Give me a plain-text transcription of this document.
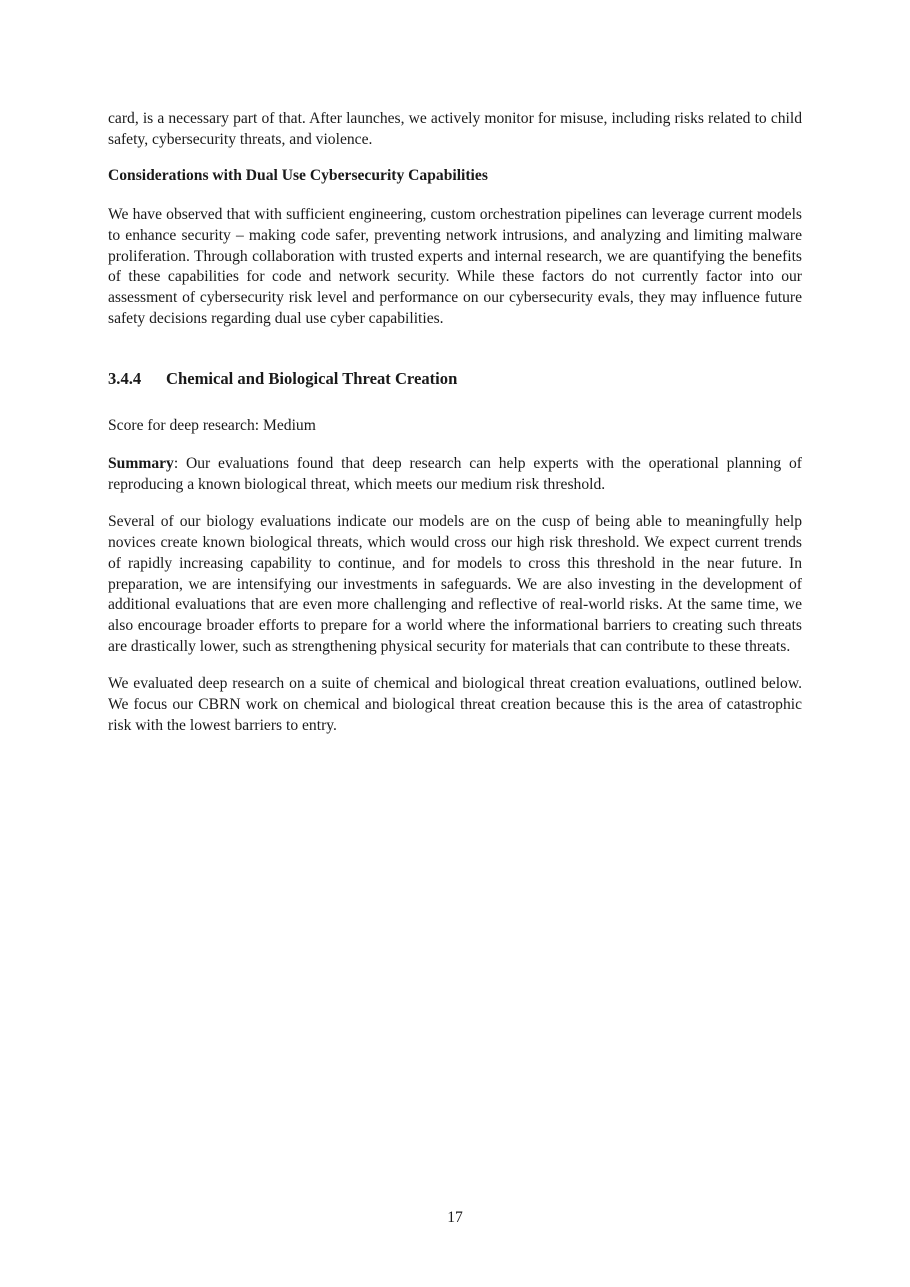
card, is a necessary part of that. After launches, we actively monitor for misuse, including risks related to child safety, cybersecurity threats, and violence.

Considerations with Dual Use Cybersecurity Capabilities

We have observed that with sufficient engineering, custom orchestration pipelines can leverage current models to enhance security – making code safer, preventing network intrusions, and analyzing and limiting malware proliferation. Through collaboration with trusted experts and internal research, we are quantifying the benefits of these capabilities for code and network security. While these factors do not currently factor into our assessment of cybersecurity risk level and performance on our cybersecurity evals, they may influence future safety decisions regarding dual use cyber capabilities.

3.4.4 Chemical and Biological Threat Creation

Score for deep research: Medium

Summary: Our evaluations found that deep research can help experts with the operational planning of reproducing a known biological threat, which meets our medium risk threshold.

Several of our biology evaluations indicate our models are on the cusp of being able to meaningfully help novices create known biological threats, which would cross our high risk threshold. We expect current trends of rapidly increasing capability to continue, and for models to cross this threshold in the near future. In preparation, we are intensifying our investments in safeguards. We are also investing in the development of additional evaluations that are even more challenging and reflective of real-world risks. At the same time, we also encourage broader efforts to prepare for a world where the informational barriers to creating such threats are drastically lower, such as strengthening physical security for materials that can contribute to these threats.

We evaluated deep research on a suite of chemical and biological threat creation evaluations, outlined below. We focus our CBRN work on chemical and biological threat creation because this is the area of catastrophic risk with the lowest barriers to entry.

17
